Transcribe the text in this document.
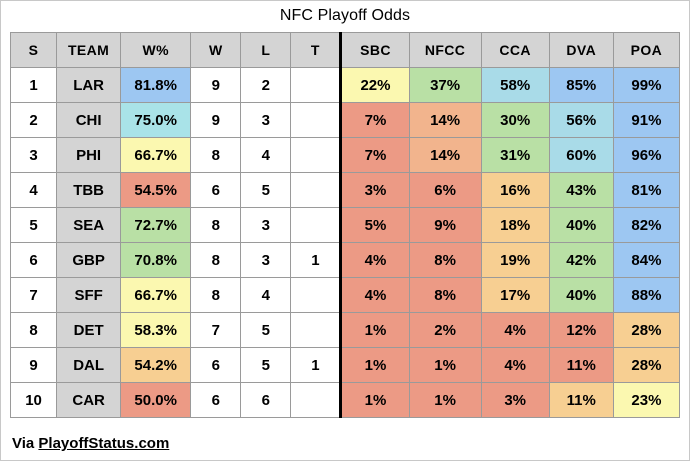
NFC Playoff Odds
S	TEAM	W%	W	L	T	SBC	NFCC	CCA	DVA	POA
1	LAR	81.8%	9	2		22%	37%	58%	85%	99%
2	CHI	75.0%	9	3		7%	14%	30%	56%	91%
3	PHI	66.7%	8	4		7%	14%	31%	60%	96%
4	TBB	54.5%	6	5		3%	6%	16%	43%	81%
5	SEA	72.7%	8	3		5%	9%	18%	40%	82%
6	GBP	70.8%	8	3	1	4%	8%	19%	42%	84%
7	SFF	66.7%	8	4		4%	8%	17%	40%	88%
8	DET	58.3%	7	5		1%	2%	4%	12%	28%
9	DAL	54.2%	6	5	1	1%	1%	4%	11%	28%
10	CAR	50.0%	6	6		1%	1%	3%	11%	23%
Via PlayoffStatus.com
